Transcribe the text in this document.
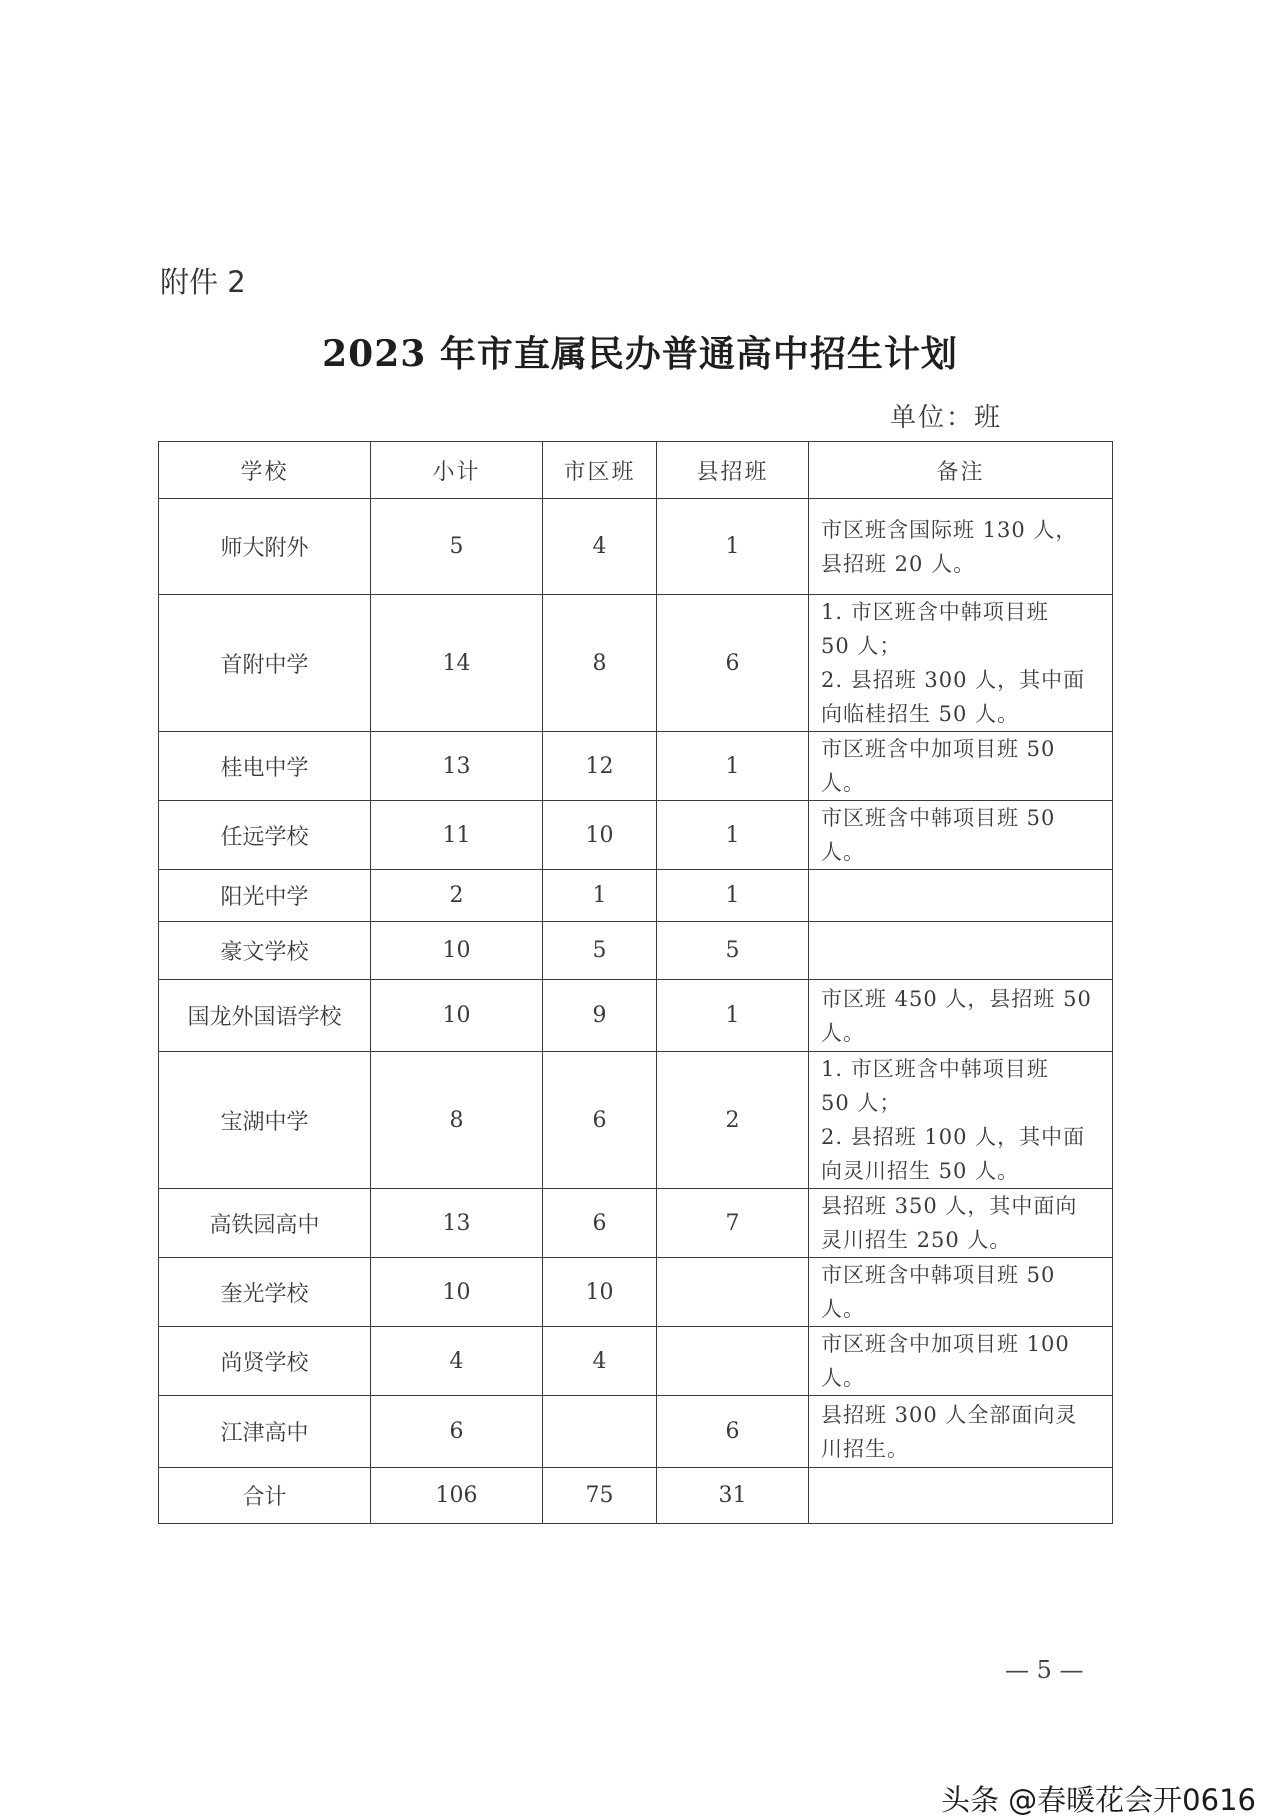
附件 2
2023 年市直属民办普通高中招生计划
单位：班
学校	小计	市区班	县招班	备注
师大附外	5	4	1	市区班含国际班 130 人，
县招班 20 人。

首附中学	14	8	6	1. 市区班含中韩项目班
50 人；
2. 县招班 300 人，其中面
向临桂招生 50 人。

桂电中学	13	12	1	市区班含中加项目班 50
人。

任远学校	11	10	1	市区班含中韩项目班 50
人。

阳光中学	2	1	1	
豪文学校	10	5	5	
国龙外国语学校	10	9	1	市区班 450 人，县招班 50
人。

宝湖中学	8	6	2	1. 市区班含中韩项目班
50 人；
2. 县招班 100 人，其中面
向灵川招生 50 人。

高铁园高中	13	6	7	县招班 350 人，其中面向
灵川招生 250 人。

奎光学校	10	10		市区班含中韩项目班 50
人。

尚贤学校	4	4		市区班含中加项目班 100
人。

江津高中	6		6	县招班 300 人全部面向灵
川招生。

合计	106	75	31	
— 5 —
头条 @春暖花会开0616
